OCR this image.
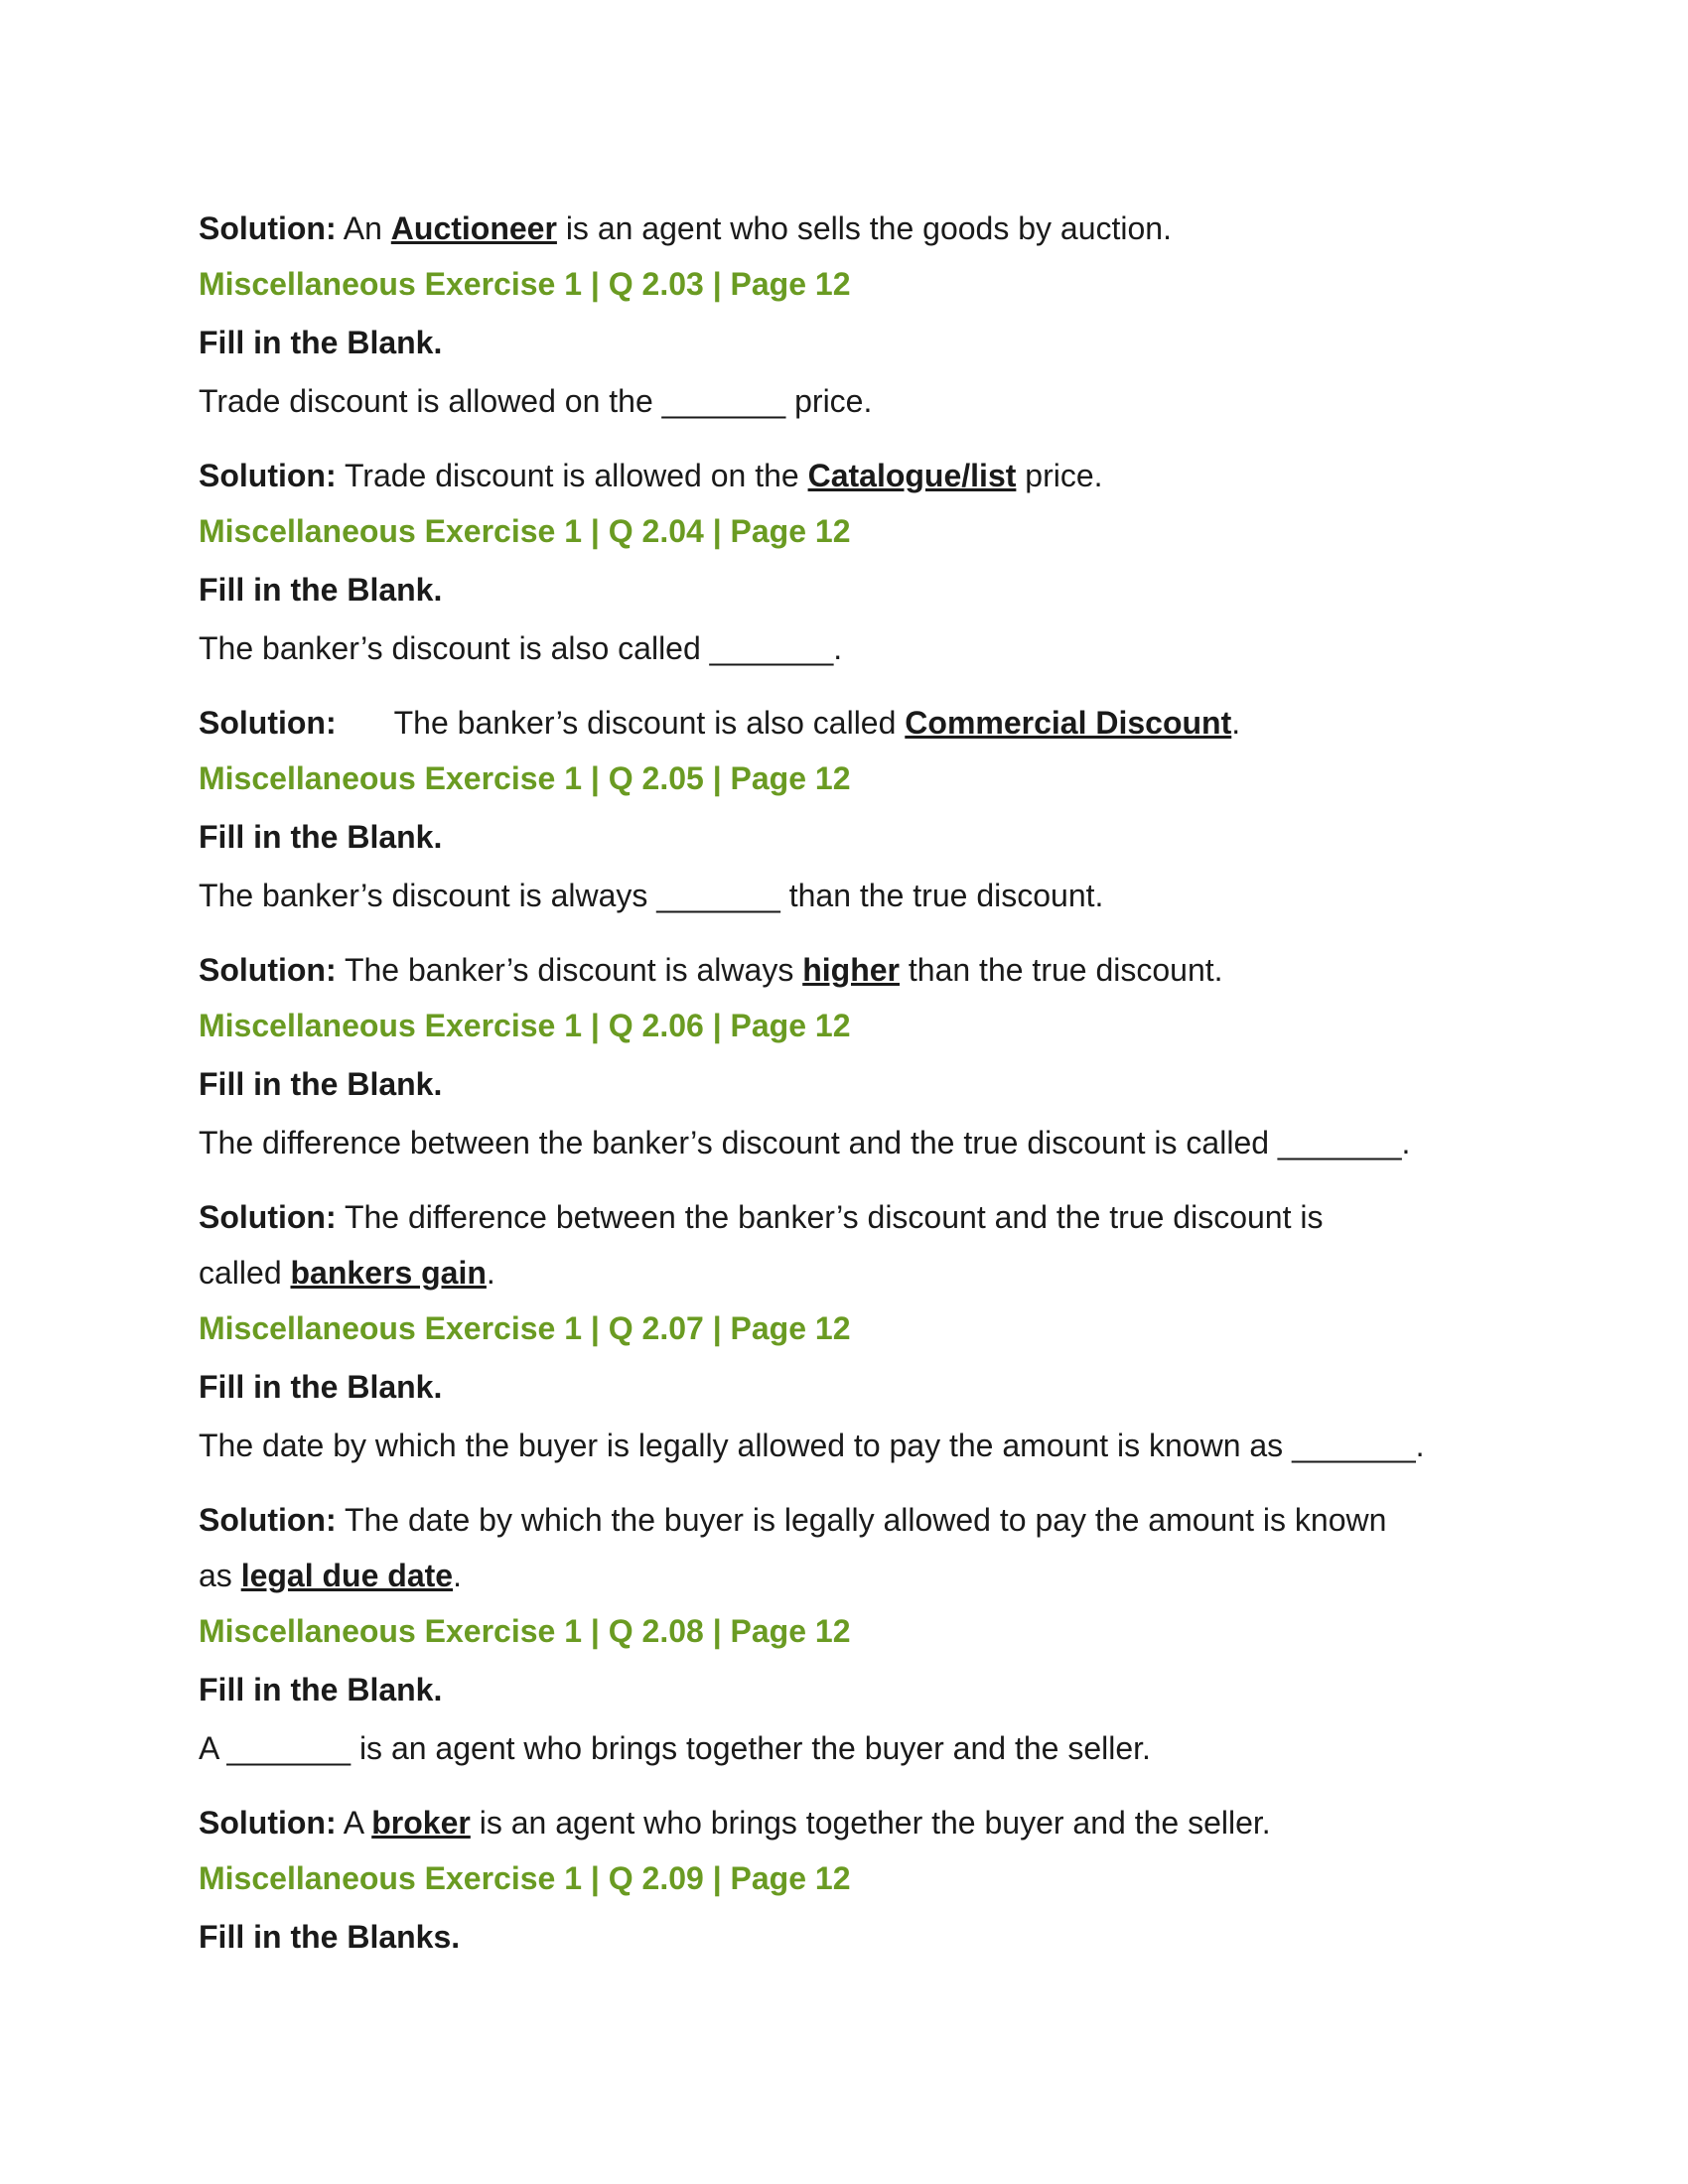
Solution: An Auctioneer is an agent who sells the goods by auction.

Miscellaneous Exercise 1 | Q 2.03 | Page 12

Fill in the Blank.

Trade discount is allowed on the _______ price.

Solution: Trade discount is allowed on the Catalogue/list price.

Miscellaneous Exercise 1 | Q 2.04 | Page 12

Fill in the Blank.

The banker’s discount is also called _______.

Solution: The banker’s discount is also called Commercial Discount.

Miscellaneous Exercise 1 | Q 2.05 | Page 12

Fill in the Blank.

The banker’s discount is always _______ than the true discount.

Solution: The banker’s discount is always higher than the true discount.

Miscellaneous Exercise 1 | Q 2.06 | Page 12

Fill in the Blank.

The difference between the banker’s discount and the true discount is called _______.

Solution: The difference between the banker’s discount and the true discount is

called bankers gain.

Miscellaneous Exercise 1 | Q 2.07 | Page 12

Fill in the Blank.

The date by which the buyer is legally allowed to pay the amount is known as _______.

Solution: The date by which the buyer is legally allowed to pay the amount is known

as legal due date.

Miscellaneous Exercise 1 | Q 2.08 | Page 12

Fill in the Blank.

A _______ is an agent who brings together the buyer and the seller.

Solution: A broker is an agent who brings together the buyer and the seller.

Miscellaneous Exercise 1 | Q 2.09 | Page 12

Fill in the Blanks.
